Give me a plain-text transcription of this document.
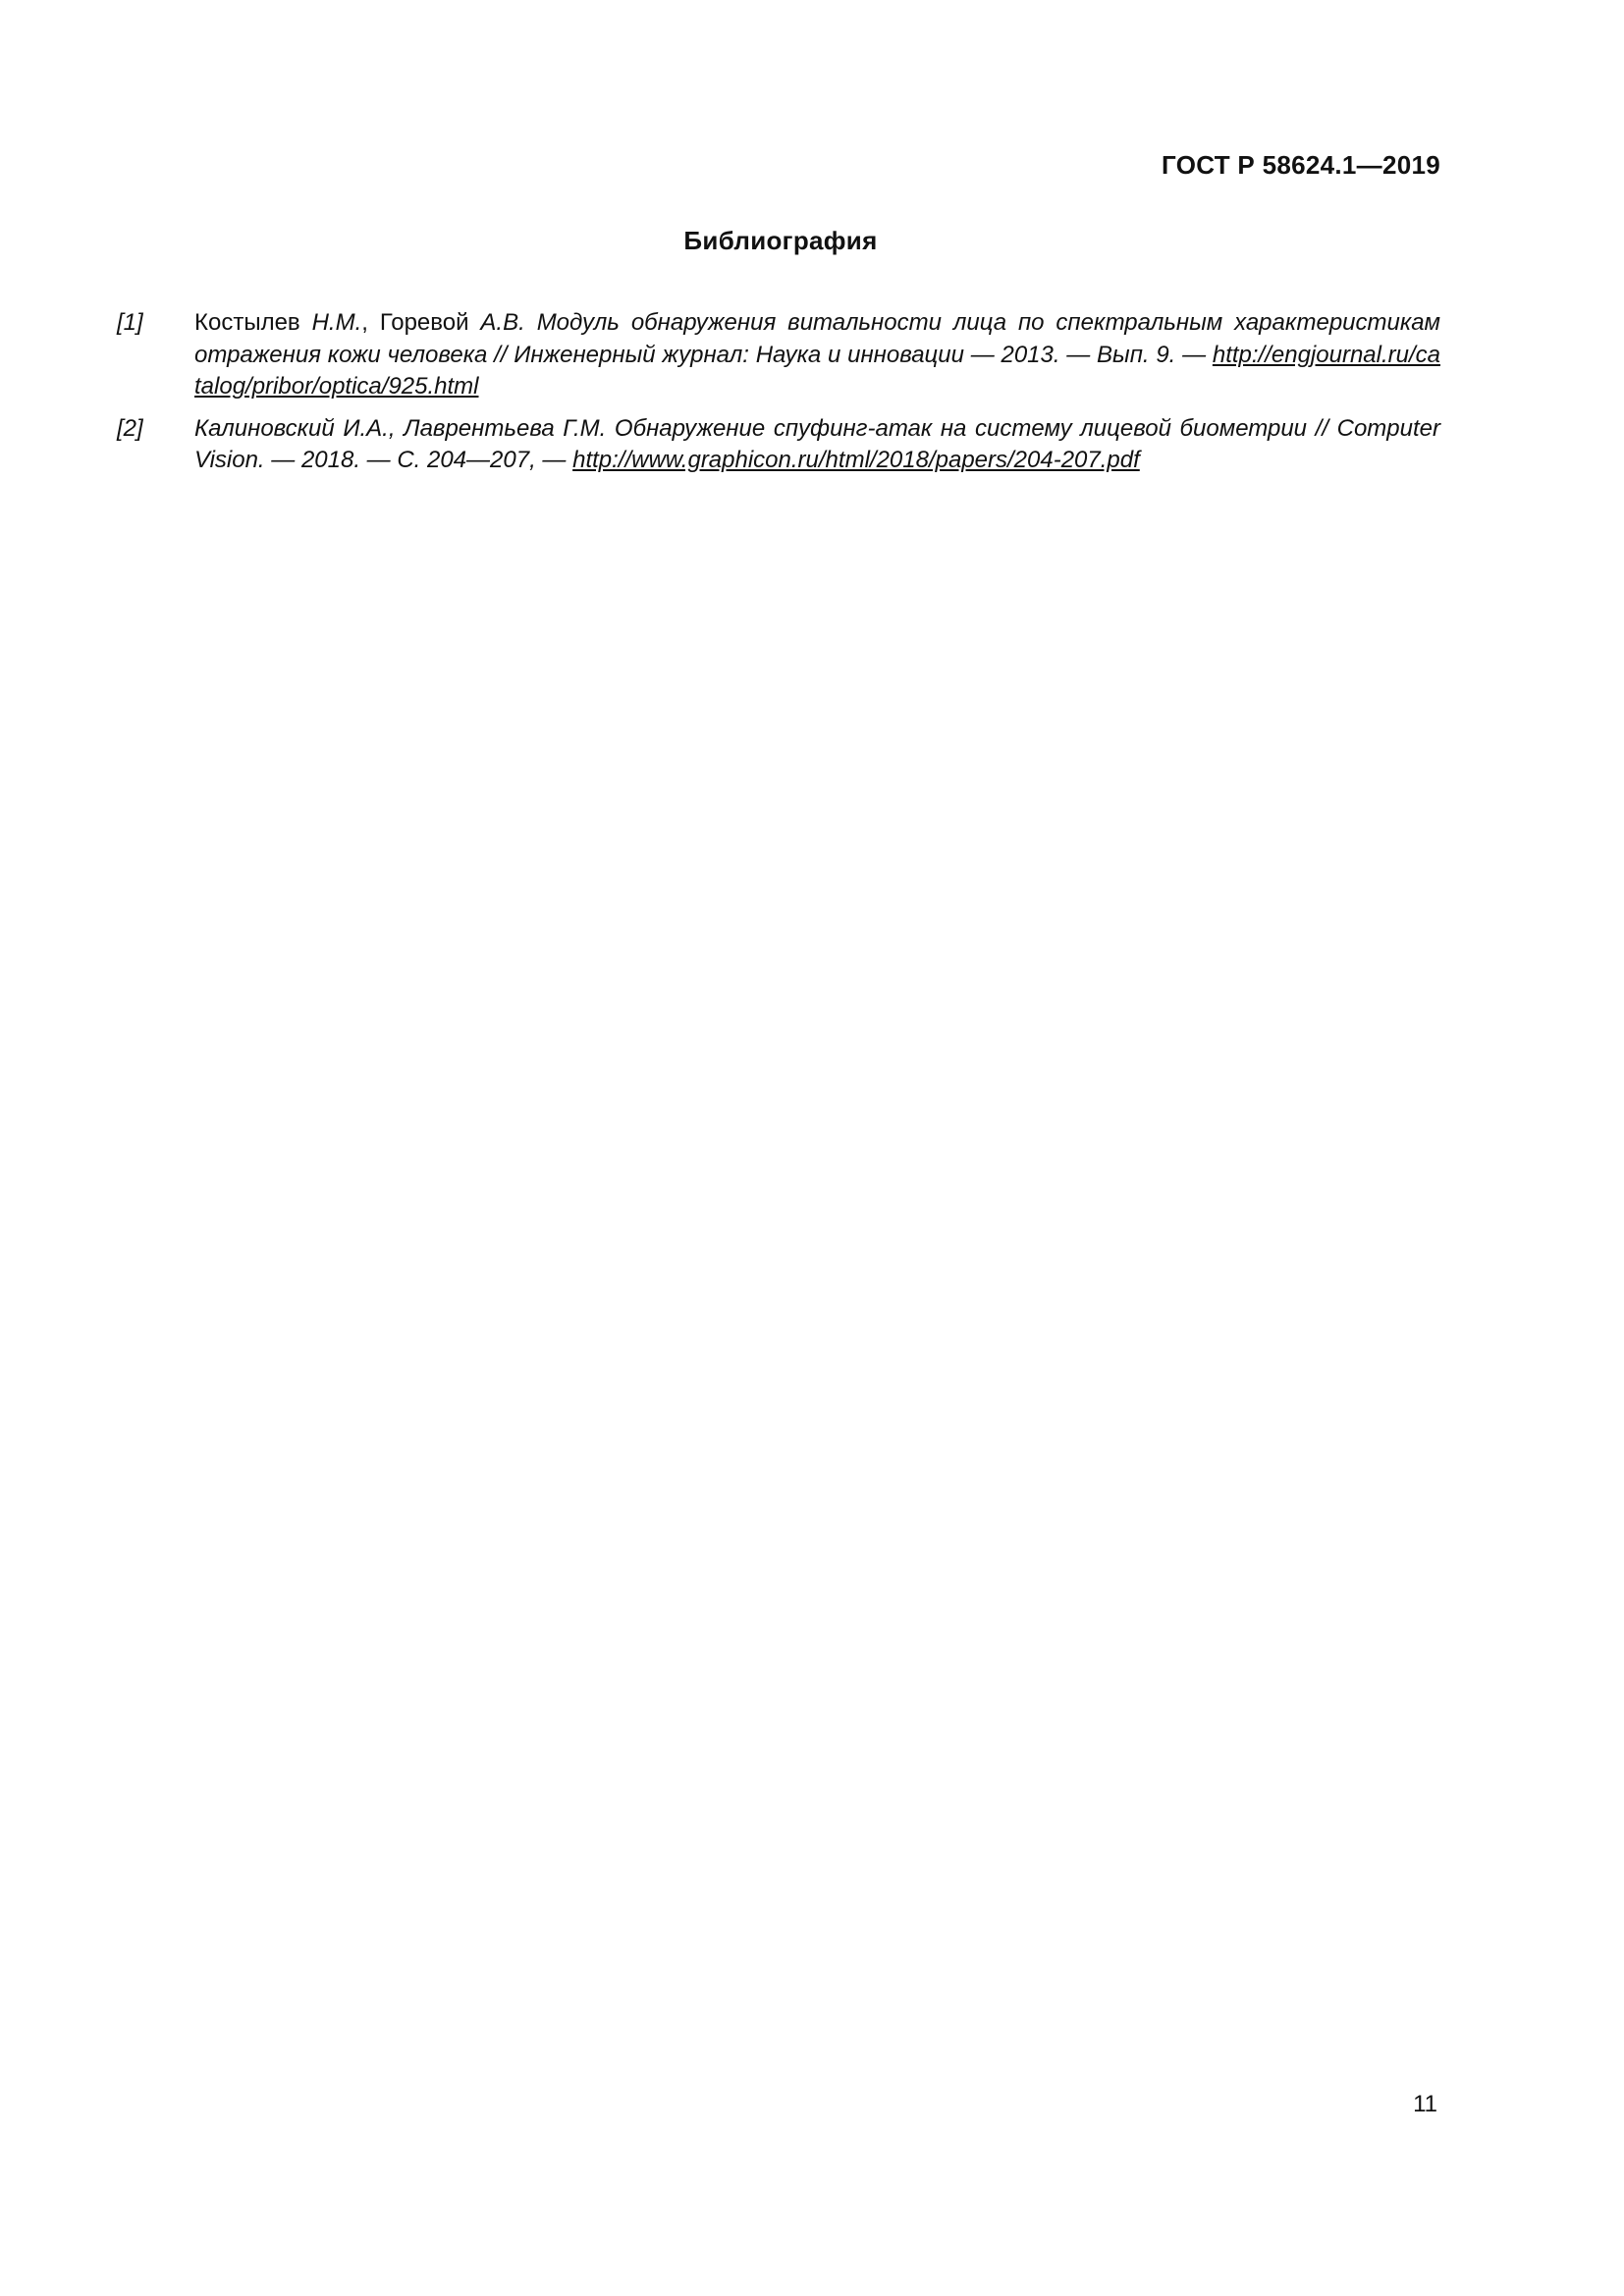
ГОСТ Р 58624.1—2019
Библиография
[1] Костылев Н.М., Горевой А.В. Модуль обнаружения витальности лица по спектральным характеристикам отражения кожи человека // Инженерный журнал: Наука и инновации — 2013. — Вып. 9. — http://engjournal.ru/catalog/pribor/optica/925.html
[2] Калиновский И.А., Лаврентьева Г.М. Обнаружение спуфинг-атак на систему лицевой биометрии // Computer Vision. — 2018. — С. 204—207, — http://www.graphicon.ru/html/2018/papers/204-207.pdf
11
